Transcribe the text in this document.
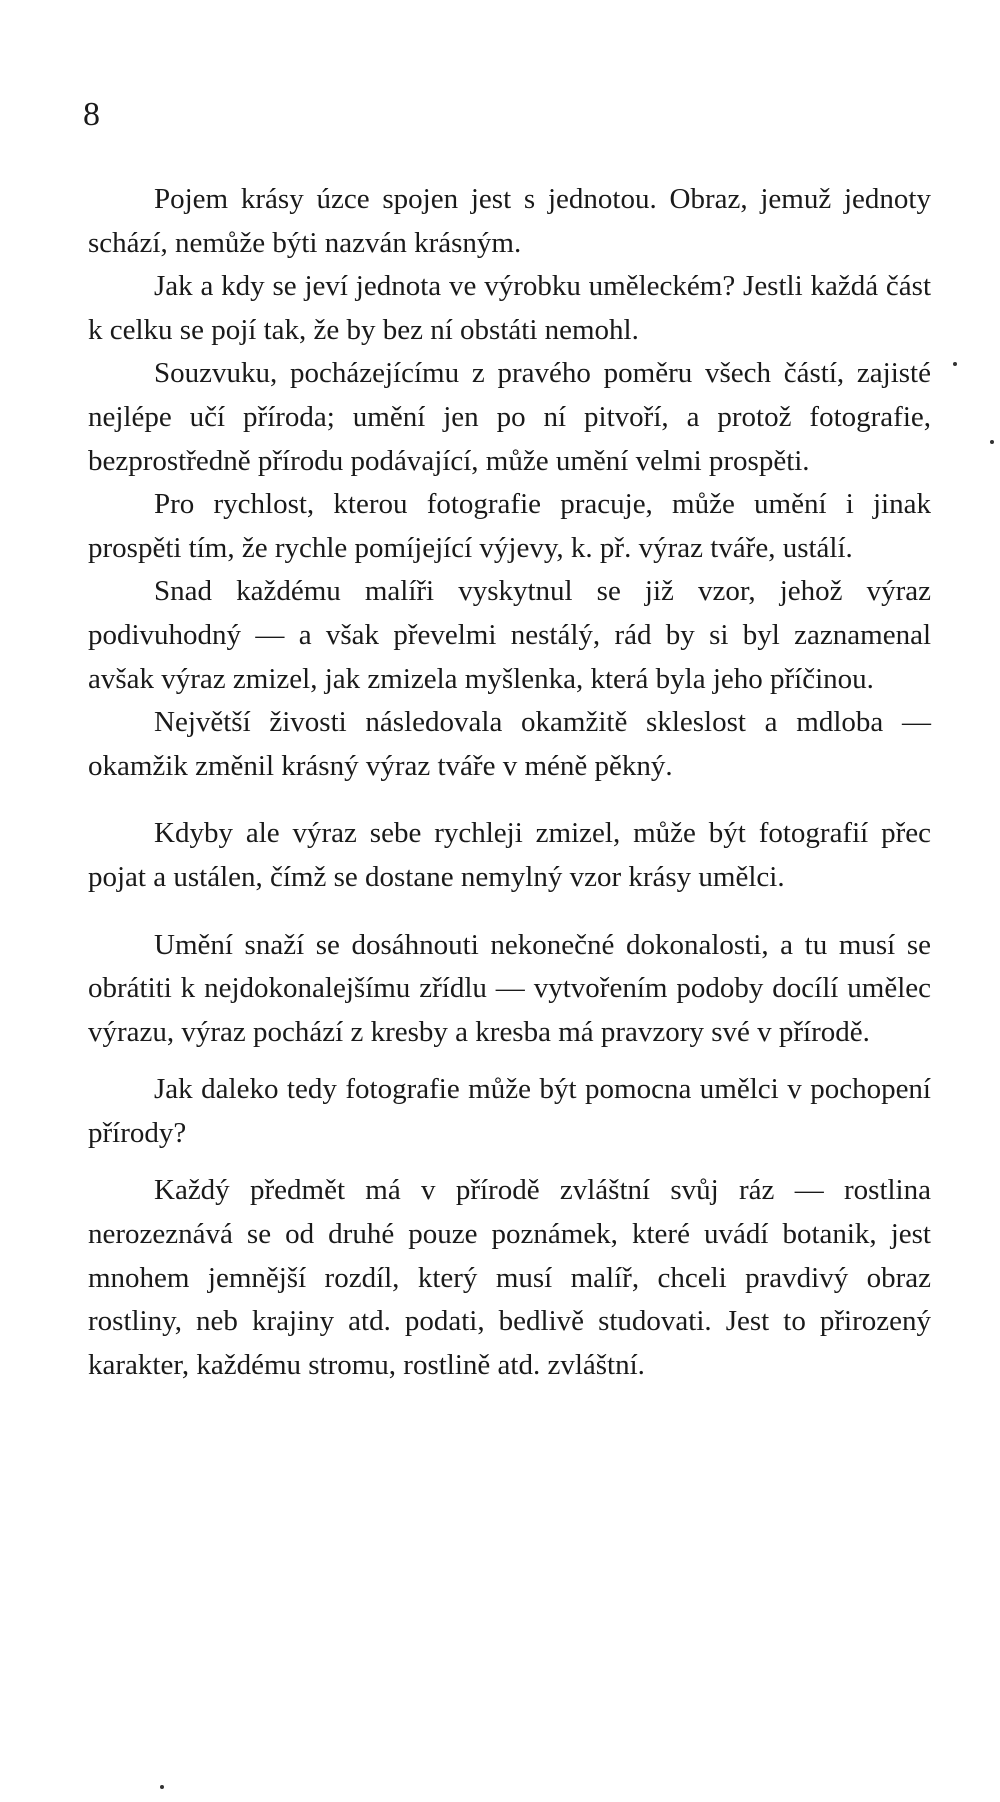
8

Pojem krásy úzce spojen jest s jednotou. Obraz, jemuž jednoty schází, nemůže býti nazván krásným.

Jak a kdy se jeví jednota ve výrobku uměleckém? Jestli každá část k celku se pojí tak, že by bez ní obstáti nemohl.

Souzvuku, pocházejícímu z pravého poměru všech částí, zajisté nejlépe učí příroda; umění jen po ní pitvoří, a protož fotografie, bezprostředně přírodu podávající, může umění velmi prospěti.

Pro rychlost, kterou fotografie pracuje, může umění i jinak prospěti tím, že rychle pomíjející výjevy, k. př. výraz tváře, ustálí.

Snad každému malíři vyskytnul se již vzor, jehož výraz podivuhodný — a však převelmi nestálý, rád by si byl zaznamenal avšak výraz zmizel, jak zmizela myšlenka, která byla jeho příčinou.

Největší živosti následovala okamžitě skleslost a mdloba — okamžik změnil krásný výraz tváře v méně pěkný.

Kdyby ale výraz sebe rychleji zmizel, může být fotografií přec pojat a ustálen, čímž se dostane nemylný vzor krásy umělci.

Umění snaží se dosáhnouti nekonečné dokonalosti, a tu musí se obrátiti k nejdokonalejšímu zřídlu — vytvořením podoby docílí umělec výrazu, výraz pochází z kresby a kresba má pravzory své v přírodě.

Jak daleko tedy fotografie může být pomocna umělci v pochopení přírody?

Každý předmět má v přírodě zvláštní svůj ráz — rostlina nerozeznává se od druhé pouze poznámek, které uvádí botanik, jest mnohem jemnější rozdíl, který musí malíř, chceli pravdivý obraz rostliny, neb krajiny atd. podati, bedlivě studovati. Jest to přirozený karakter, každému stromu, rostlině atd. zvláštní.
